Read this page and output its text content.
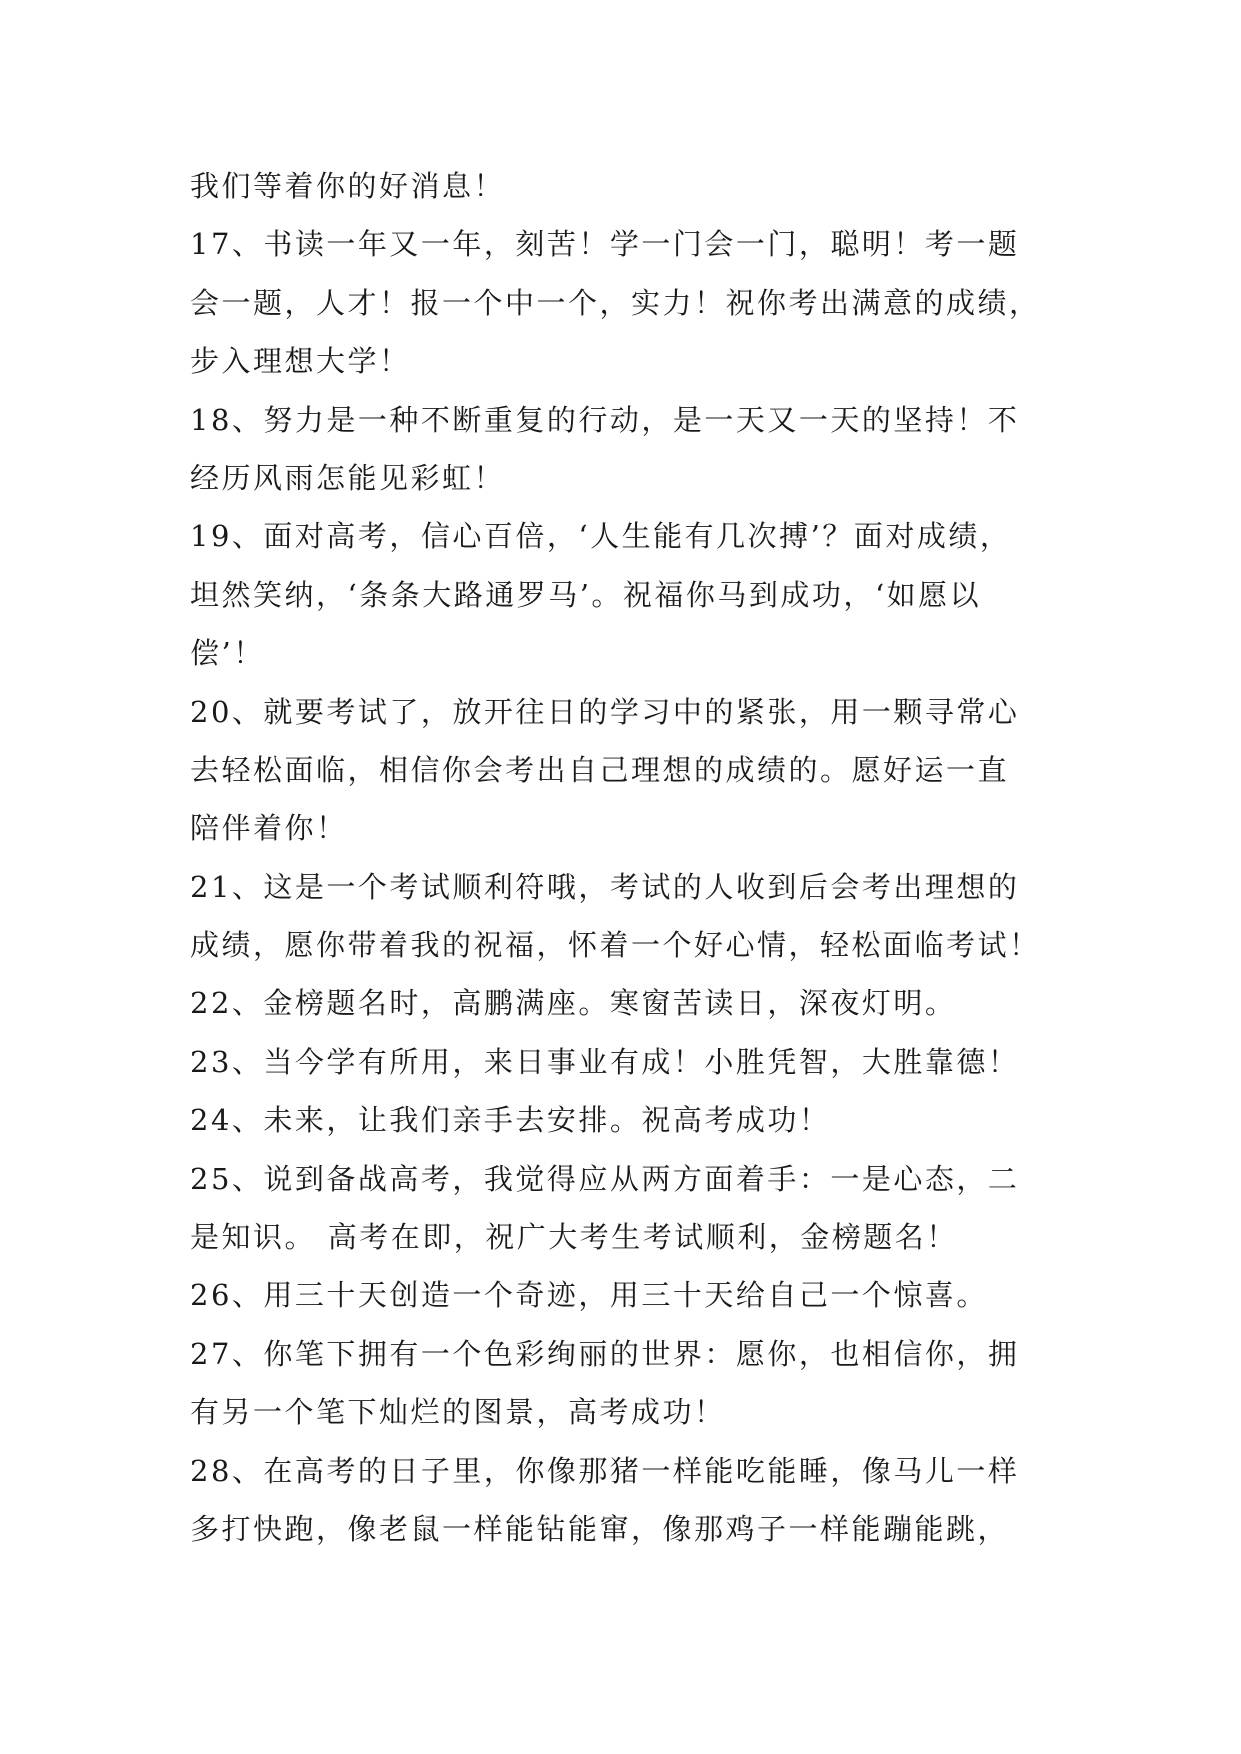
我们等着你的好消息！
17、书读一年又一年，刻苦！学一门会一门，聪明！考一题
会一题，人才！报一个中一个，实力！祝你考出满意的成绩，
步入理想大学！
18、努力是一种不断重复的行动，是一天又一天的坚持！不
经历风雨怎能见彩虹！
19、面对高考，信心百倍，‘人生能有几次搏’？面对成绩，
坦然笑纳，‘条条大路通罗马’。祝福你马到成功，‘如愿以
偿’！
20、就要考试了，放开往日的学习中的紧张，用一颗寻常心
去轻松面临，相信你会考出自己理想的成绩的。愿好运一直
陪伴着你！
21、这是一个考试顺利符哦，考试的人收到后会考出理想的
成绩，愿你带着我的祝福，怀着一个好心情，轻松面临考试！
22、金榜题名时，高鹏满座。寒窗苦读日，深夜灯明。
23、当今学有所用，来日事业有成！小胜凭智，大胜靠德！
24、未来，让我们亲手去安排。祝高考成功！
25、说到备战高考，我觉得应从两方面着手：一是心态，二
是知识。 高考在即，祝广大考生考试顺利，金榜题名！
26、用三十天创造一个奇迹，用三十天给自己一个惊喜。
27、你笔下拥有一个色彩绚丽的世界：愿你，也相信你，拥
有另一个笔下灿烂的图景，高考成功！
28、在高考的日子里，你像那猪一样能吃能睡，像马儿一样
多打快跑，像老鼠一样能钻能窜，像那鸡子一样能蹦能跳，
